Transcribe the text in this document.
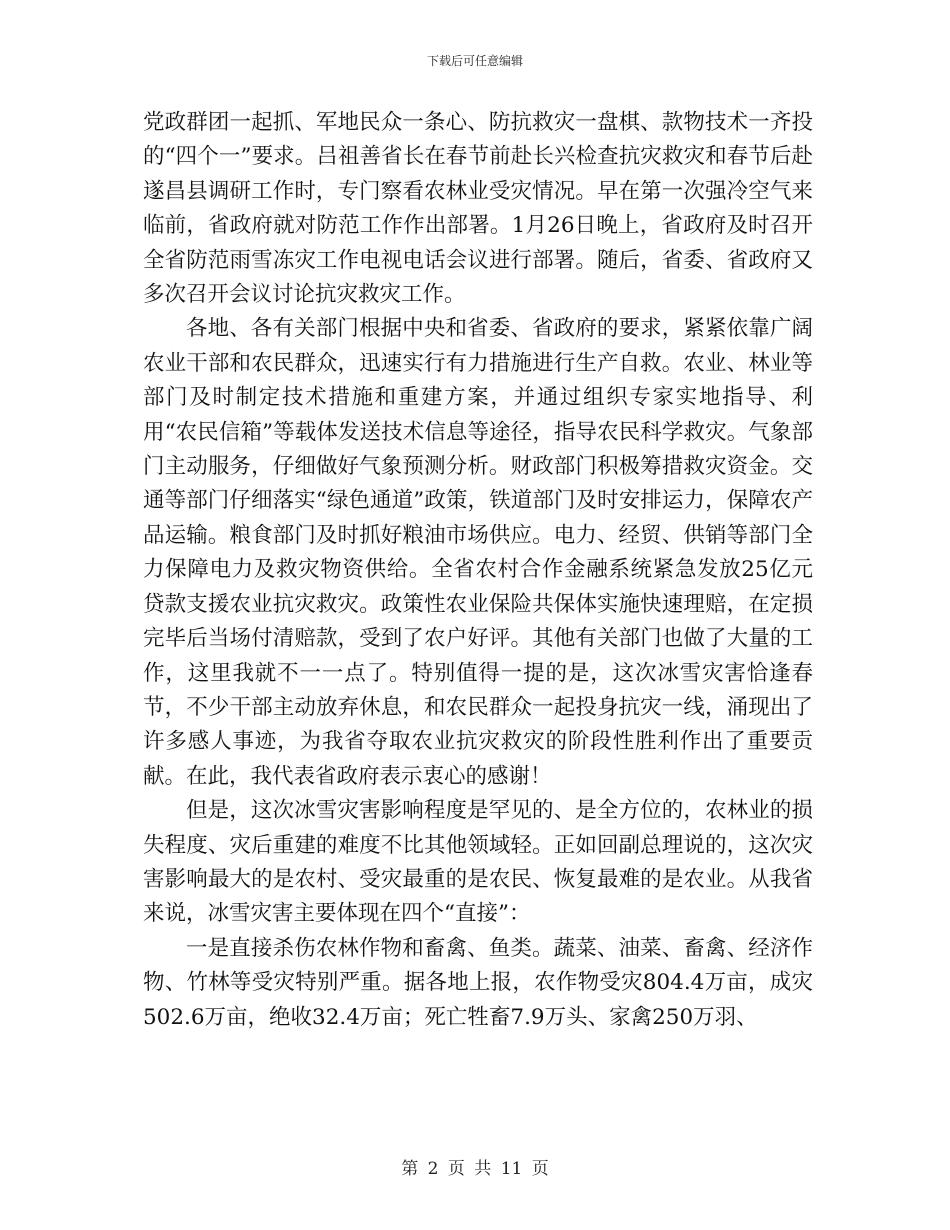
下载后可任意编辑

党政群团一起抓、军地民众一条心、防抗救灾一盘棋、款物技术一齐投的“四个一”要求。吕祖善省长在春节前赴长兴检查抗灾救灾和春节后赴遂昌县调研工作时，专门察看农林业受灾情况。早在第一次强冷空气来临前，省政府就对防范工作作出部署。1月26日晚上，省政府及时召开全省防范雨雪冻灾工作电视电话会议进行部署。随后，省委、省政府又多次召开会议讨论抗灾救灾工作。

各地、各有关部门根据中央和省委、省政府的要求，紧紧依靠广阔农业干部和农民群众，迅速实行有力措施进行生产自救。农业、林业等部门及时制定技术措施和重建方案，并通过组织专家实地指导、利用“农民信箱”等载体发送技术信息等途径，指导农民科学救灾。气象部门主动服务，仔细做好气象预测分析。财政部门积极筹措救灾资金。交通等部门仔细落实“绿色通道”政策，铁道部门及时安排运力，保障农产品运输。粮食部门及时抓好粮油市场供应。电力、经贸、供销等部门全力保障电力及救灾物资供给。全省农村合作金融系统紧急发放25亿元贷款支援农业抗灾救灾。政策性农业保险共保体实施快速理赔，在定损完毕后当场付清赔款，受到了农户好评。其他有关部门也做了大量的工作，这里我就不一一点了。特别值得一提的是，这次冰雪灾害恰逢春节，不少干部主动放弃休息，和农民群众一起投身抗灾一线，涌现出了许多感人事迹，为我省夺取农业抗灾救灾的阶段性胜利作出了重要贡献。在此，我代表省政府表示衷心的感谢！

但是，这次冰雪灾害影响程度是罕见的、是全方位的，农林业的损失程度、灾后重建的难度不比其他领域轻。正如回副总理说的，这次灾害影响最大的是农村、受灾最重的是农民、恢复最难的是农业。从我省来说，冰雪灾害主要体现在四个“直接”：

一是直接杀伤农林作物和畜禽、鱼类。蔬菜、油菜、畜禽、经济作物、竹林等受灾特别严重。据各地上报，农作物受灾804.4万亩，成灾502.6万亩，绝收32.4万亩；死亡牲畜7.9万头、家禽250万羽、

第 2 页 共 11 页
